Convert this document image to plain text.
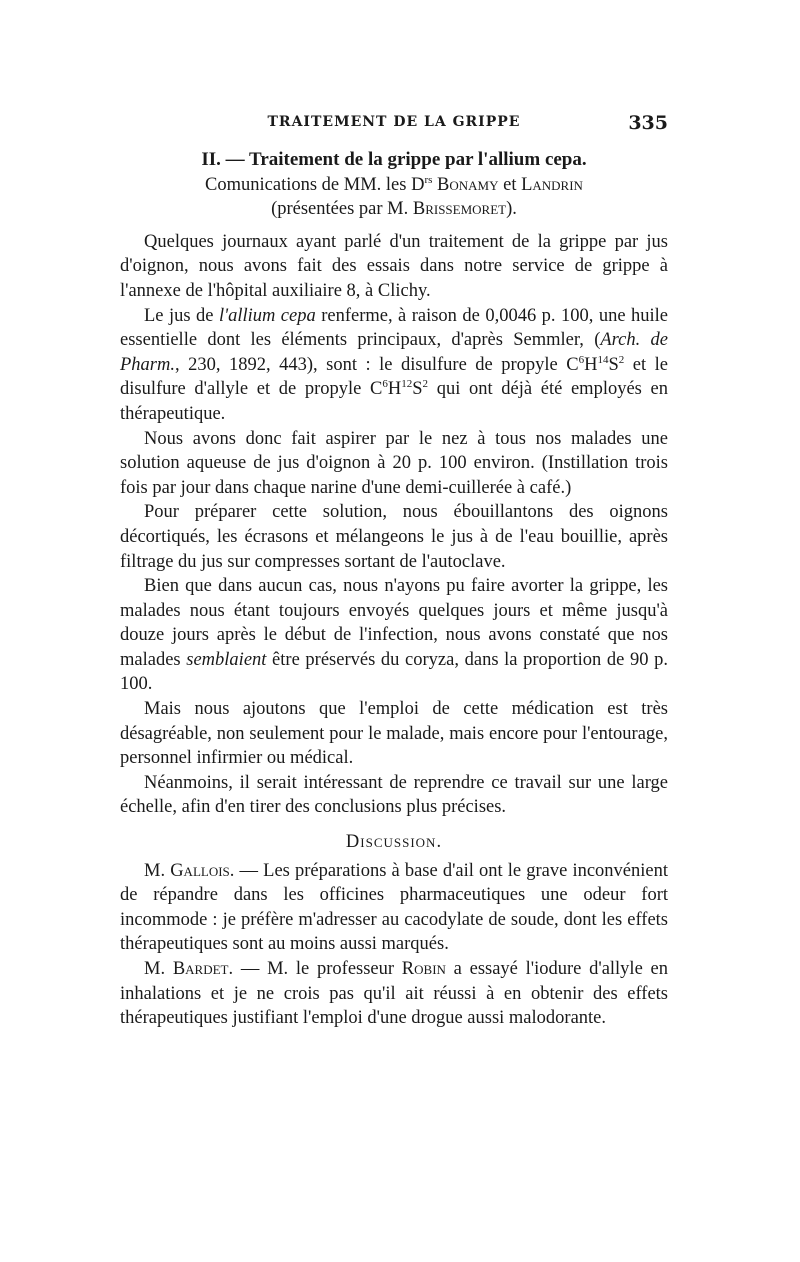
TRAITEMENT DE LA GRIPPE	335

II. — Traitement de la grippe par l'allium cepa.

Comunications de MM. les $D^{rs}$ Bonamy et Landrin

(présentées par M. Brissemoret).

Quelques journaux ayant parlé d'un traitement de la grippe par jus d'oignon, nous avons fait des essais dans notre service de grippe à l'annexe de l'hôpital auxiliaire 8, à Clichy.

Le jus de l'allium cepa renferme, à raison de 0,0046 p. 100, une huile essentielle dont les éléments principaux, d'après Semmler, (Arch. de Pharm., 230, 1892, 443), sont : le disulfure de propyle $C^6H^{14}S^2$ et le disulfure d'allyle et de propyle $C^6H^{12}S^2$ qui ont déjà été employés en thérapeutique.

Nous avons donc fait aspirer par le nez à tous nos malades une solution aqueuse de jus d'oignon à 20 p. 100 environ. (Instillation trois fois par jour dans chaque narine d'une demi-cuillerée à café.)

Pour préparer cette solution, nous ébouillantons des oignons décortiqués, les écrasons et mélangeons le jus à de l'eau bouillie, après filtrage du jus sur compresses sortant de l'autoclave.

Bien que dans aucun cas, nous n'ayons pu faire avorter la grippe, les malades nous étant toujours envoyés quelques jours et même jusqu'à douze jours après le début de l'infection, nous avons constaté que nos malades semblaient être préservés du coryza, dans la proportion de 90 p. 100.

Mais nous ajoutons que l'emploi de cette médication est très désagréable, non seulement pour le malade, mais encore pour l'entourage, personnel infirmier ou médical.

Néanmoins, il serait intéressant de reprendre ce travail sur une large échelle, afin d'en tirer des conclusions plus précises.

Discussion.

M. Gallois. — Les préparations à base d'ail ont le grave inconvénient de répandre dans les officines pharmaceutiques une odeur fort incommode : je préfère m'adresser au cacodylate de soude, dont les effets thérapeutiques sont au moins aussi marqués.

M. Bardet. — M. le professeur Robin a essayé l'iodure d'allyle en inhalations et je ne crois pas qu'il ait réussi à en obtenir des effets thérapeutiques justifiant l'emploi d'une drogue aussi malodorante.
